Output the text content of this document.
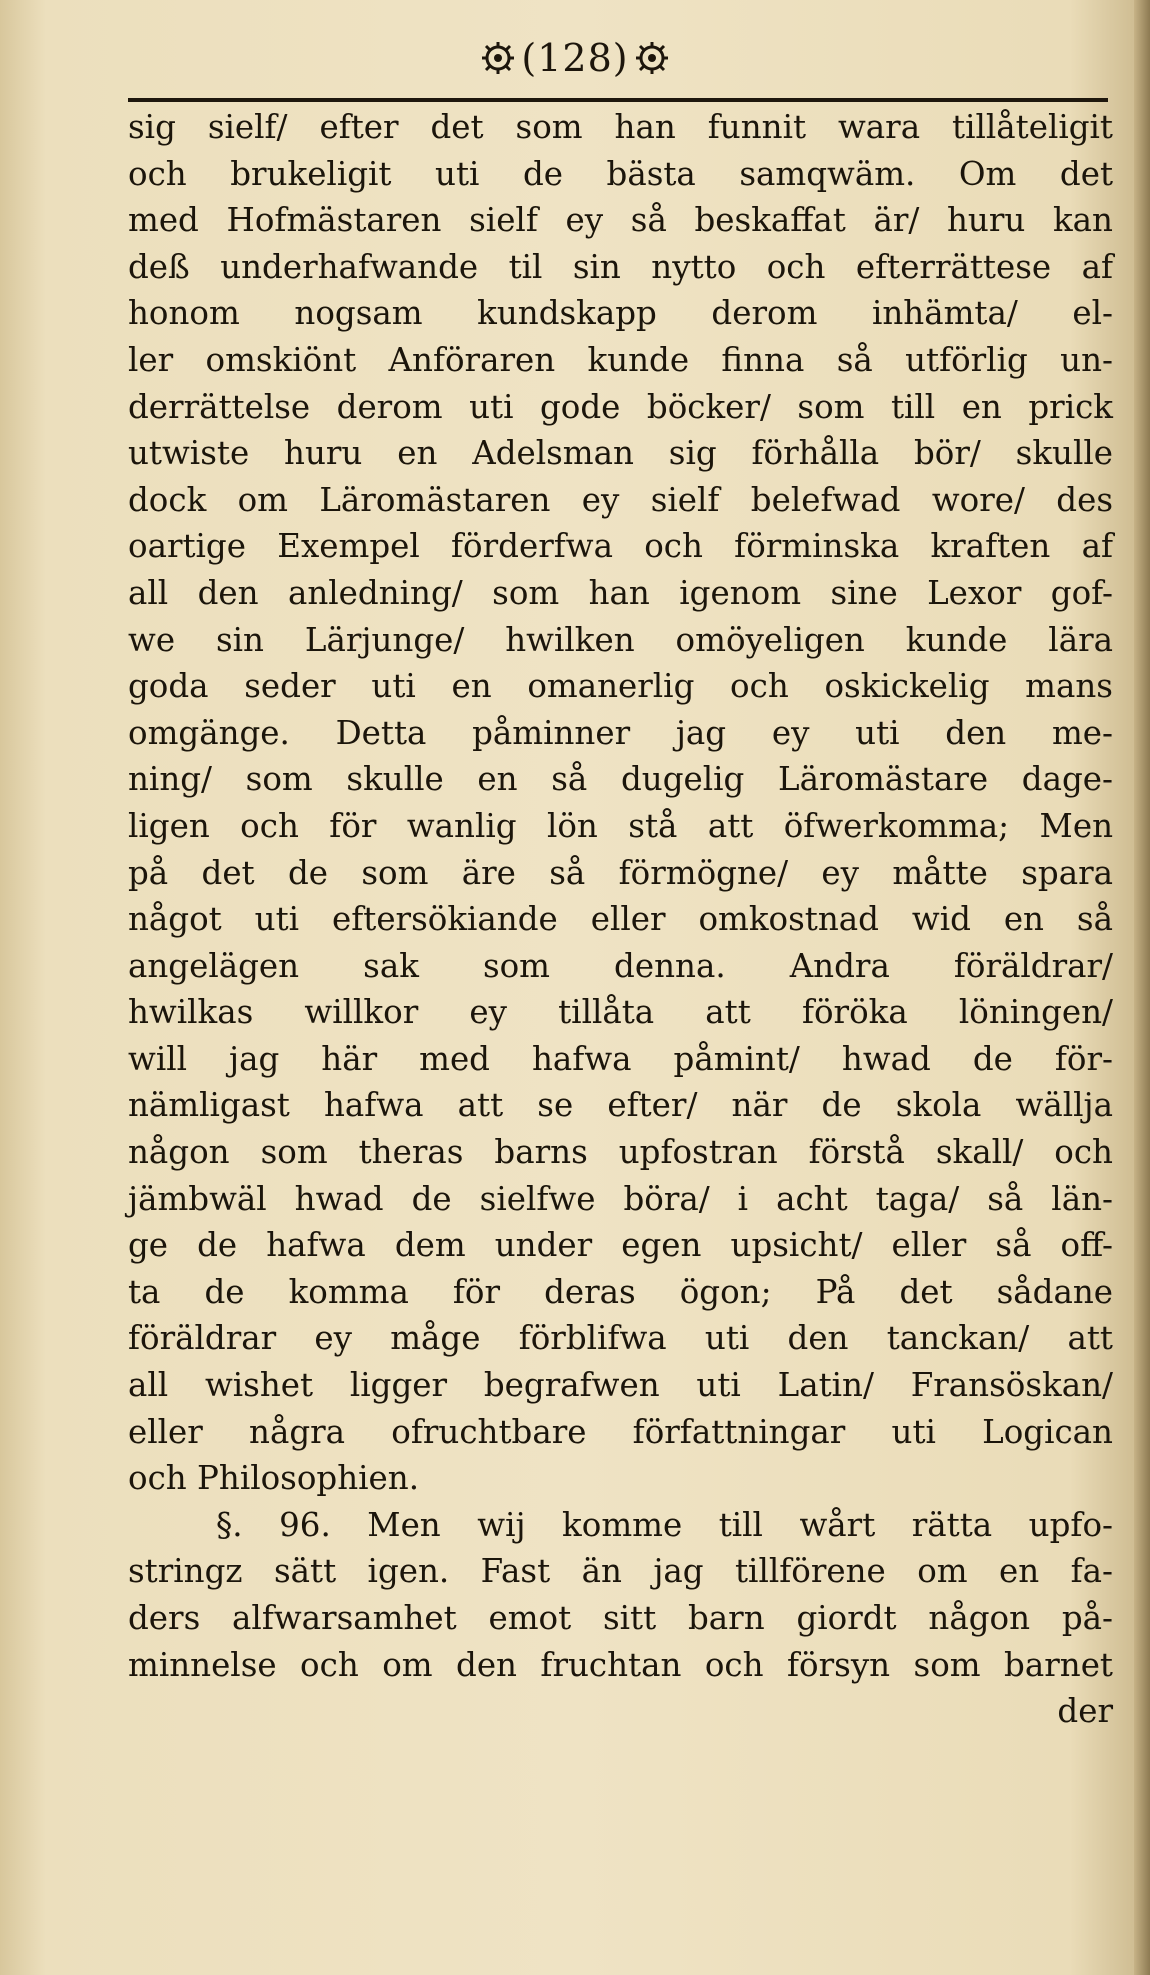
(128)
sig sielf/ efter det som han funnit wara tillåteligit
och brukeligit uti de bästa samqwäm. Om det
med Hofmästaren sielf ey så beskaffat är/ huru kan
deß underhafwande til sin nytto och efterrättese af
honom nogsam kundskapp derom inhämta/ el-
ler omskiönt Anföraren kunde finna så utförlig un-
derrättelse derom uti gode böcker/ som till en prick
utwiste huru en Adelsman sig förhålla bör/ skulle
dock om Läromästaren ey sielf belefwad wore/ des
oartige Exempel förderfwa och förminska kraften af
all den anledning/ som han igenom sine Lexor gof-
we sin Lärjunge/ hwilken omöyeligen kunde lära
goda seder uti en omanerlig och oskickelig mans
omgänge. Detta påminner jag ey uti den me-
ning/ som skulle en så dugelig Läromästare dage-
ligen och för wanlig lön stå att öfwerkomma; Men
på det de som äre så förmögne/ ey måtte spara
något uti eftersökiande eller omkostnad wid en så
angelägen sak som denna. Andra föräldrar/
hwilkas willkor ey tillåta att föröka löningen/
will jag här med hafwa påmint/ hwad de för-
nämligast hafwa att se efter/ när de skola wällja
någon som theras barns upfostran förstå skall/ och
jämbwäl hwad de sielfwe böra/ i acht taga/ så län-
ge de hafwa dem under egen upsicht/ eller så off-
ta de komma för deras ögon; På det sådane
föräldrar ey måge förblifwa uti den tanckan/ att
all wishet ligger begrafwen uti Latin/ Fransöskan/
eller några ofruchtbare författningar uti Logican
och Philosophien.
§. 96. Men wij komme till wårt rätta upfo-
stringz sätt igen. Fast än jag tillförene om en fa-
ders alfwarsamhet emot sitt barn giordt någon på-
minnelse och om den fruchtan och försyn som barnet
der
